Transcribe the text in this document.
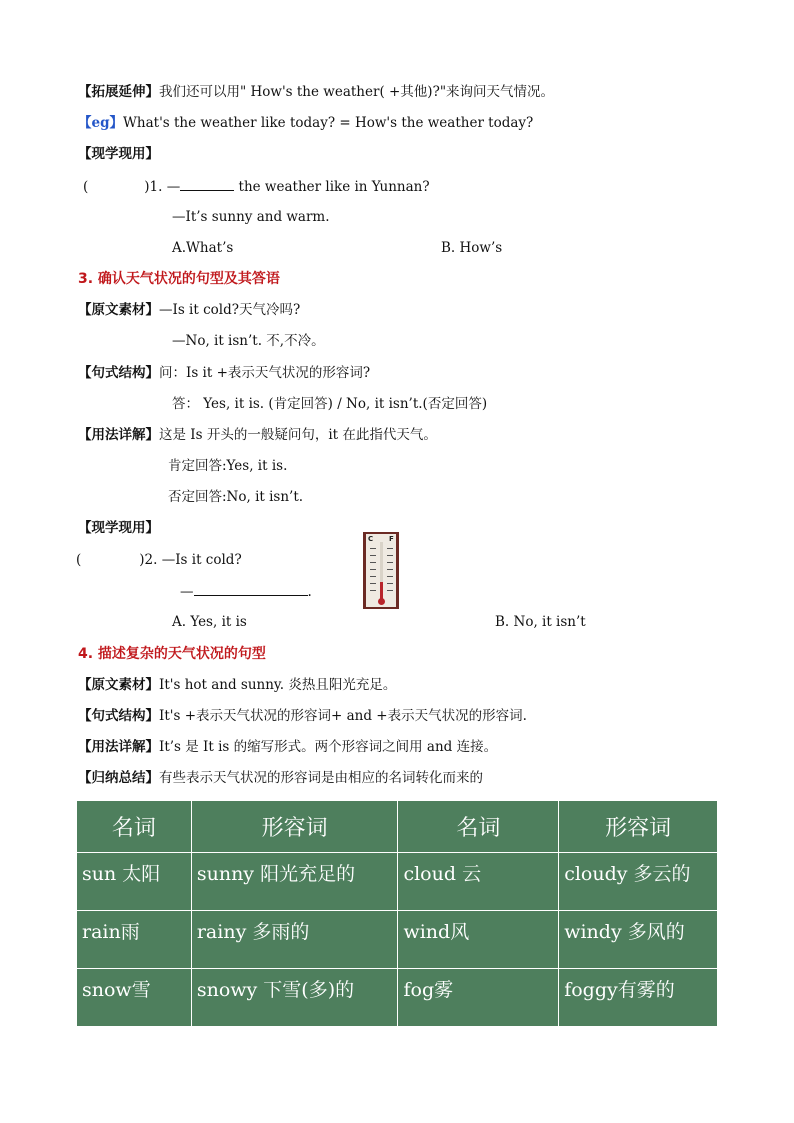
【拓展延伸】我们还可以用" How's the weather( +其他)?"来询问天气情况。
【eg】What's the weather like today? = How's the weather today?
【现学现用】
(	)1. —	the weather like in Yunnan?
—It’s sunny and warm.
A.What’s	B. How’s
3. 确认天气状况的句型及其答语
【原文素材】—Is it cold?天气冷吗?
—No, it isn’t. 不,不冷。
【句式结构】问：Is it +表示天气状况的形容词?
答： Yes, it is. (肯定回答) / No, it isn’t.(否定回答)
【用法详解】这是 Is 开头的一般疑问句，it 在此指代天气。
肯定回答:Yes, it is.
否定回答:No, it isn’t.
【现学现用】
(	)2. —Is it cold?
—	.
A. Yes, it is	B. No, it isn’t
C F
4. 描述复杂的天气状况的句型
【原文素材】It's hot and sunny. 炎热且阳光充足。
【句式结构】It's +表示天气状况的形容词+ and +表示天气状况的形容词.
【用法详解】It’s 是 It is 的缩写形式。两个形容词之间用 and 连接。
【归纳总结】有些表示天气状况的形容词是由相应的名词转化而来的
名词	形容词	名词	形容词
sun 太阳	sunny 阳光充足的	cloud 云	cloudy 多云的
rain雨	rainy 多雨的	wind风	windy 多风的
snow雪	snowy 下雪(多)的	fog雾	foggy有雾的
